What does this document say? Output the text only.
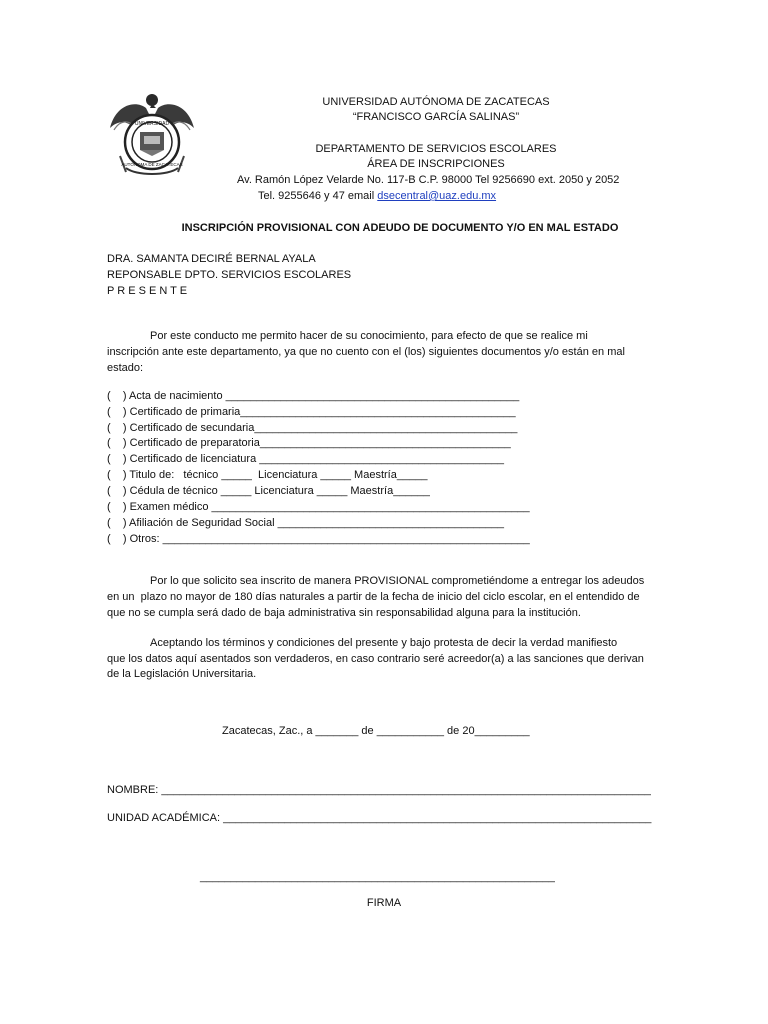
UNIVERSIDAD
AUTÓNOMA DE ZACATECAS
UNIVERSIDAD AUTÓNOMA DE ZACATECAS
“FRANCISCO GARCÍA SALINAS”
DEPARTAMENTO DE SERVICIOS ESCOLARES
ÁREA DE INSCRIPCIONES
Av. Ramón López Velarde No. 117-B C.P. 98000 Tel 9256690 ext. 2050 y 2052
Tel. 9255646 y 47 email dsecentral@uaz.edu.mx
INSCRIPCIÓN PROVISIONAL CON ADEUDO DE DOCUMENTO Y/O EN MAL ESTADO
DRA. SAMANTA DECIRÉ BERNAL AYALA
REPONSABLE DPTO. SERVICIOS ESCOLARES
P R E S E N T E
Por este conducto me permito hacer de su conocimiento, para efecto de que se realice mi
inscripción ante este departamento, ya que no cuento con el (los) siguientes documentos y/o están en mal
estado:
(    ) Acta de nacimiento ________________________________________________
(    ) Certificado de primaria_____________________________________________
(    ) Certificado de secundaria___________________________________________
(    ) Certificado de preparatoria_________________________________________
(    ) Certificado de licenciatura ________________________________________
(    ) Titulo de:   técnico _____  Licenciatura _____ Maestría_____
(    ) Cédula de técnico _____ Licenciatura _____ Maestría______
(    ) Examen médico ____________________________________________________
(    ) Afiliación de Seguridad Social _____________________________________
(    ) Otros: ____________________________________________________________
Por lo que solicito sea inscrito de manera PROVISIONAL comprometiéndome a entregar los adeudos
en un  plazo no mayor de 180 días naturales a partir de la fecha de inicio del ciclo escolar, en el entendido de
que no se cumpla será dado de baja administrativa sin responsabilidad alguna para la institución.
Aceptando los términos y condiciones del presente y bajo protesta de decir la verdad manifiesto
que los datos aquí asentados son verdaderos, en caso contrario seré acreedor(a) a las sanciones que derivan
de la Legislación Universitaria.
Zacatecas, Zac., a _______ de ___________ de 20_________
NOMBRE: ________________________________________________________________________________
UNIDAD ACADÉMICA: ______________________________________________________________________
__________________________________________________________
FIRMA
